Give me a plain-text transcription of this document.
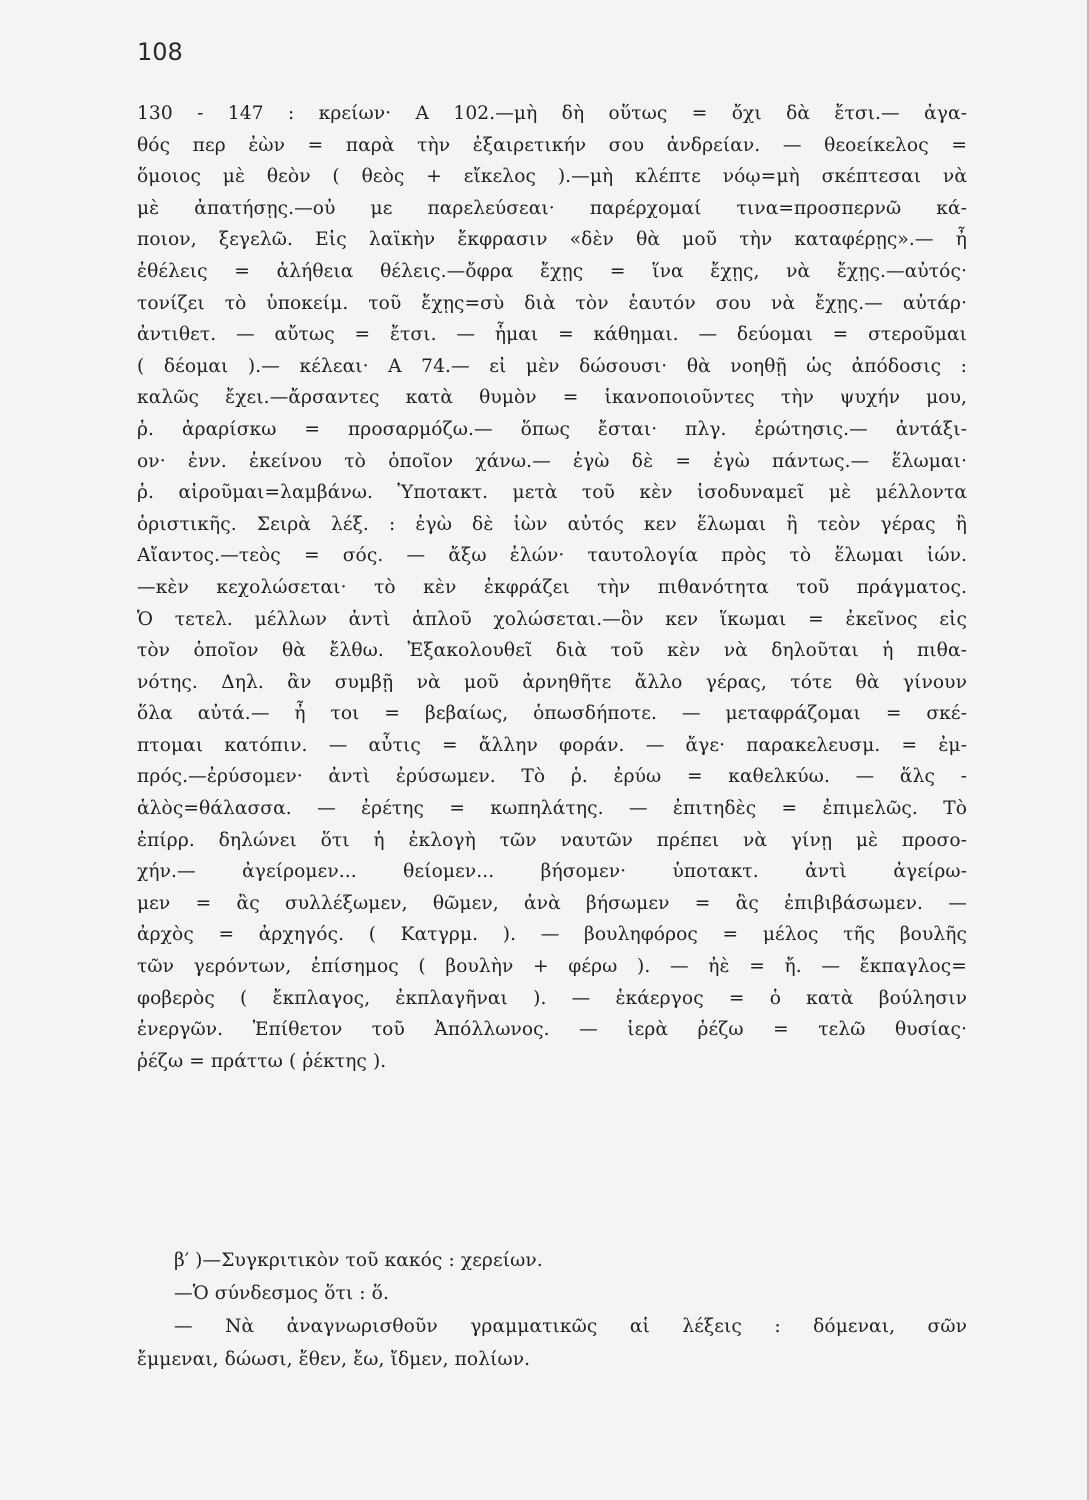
108
130 - 147 : κρείων· Α 102.—μὴ δὴ οὕτως = ὄχι δὰ ἔτσι.— ἀγα-
θός περ ἐὼν = παρὰ τὴν ἐξαιρετικήν σου ἀνδρείαν. — θεοείκελος =
ὅμοιος μὲ θεὸν ( θεὸς + εἴκελος ).—μὴ κλέπτε νόῳ=μὴ σκέπτεσαι νὰ
μὲ ἀπατήσῃς.—οὐ με παρελεύσεαι· παρέρχομαί τινα=προσπερνῶ κά-
ποιον, ξεγελῶ. Εἰς λαϊκὴν ἔκφρασιν «δὲν θὰ μοῦ τὴν καταφέρῃς».— ἦ
ἐθέλεις = ἀλήθεια θέλεις.—ὄφρα ἔχῃς = ἵνα ἔχῃς, νὰ ἔχῃς.—αὐτός·
τονίζει τὸ ὑποκείμ. τοῦ ἔχῃς=σὺ διὰ τὸν ἑαυτόν σου νὰ ἔχῃς.— αὐτάρ·
ἀντιθετ. — αὔτως = ἔτσι. — ἧμαι = κάθημαι. — δεύομαι = στεροῦμαι
( δέομαι ).— κέλεαι· Α 74.— εἰ μὲν δώσουσι· θὰ νοηθῇ ὡς ἀπόδοσις :
καλῶς ἔχει.—ἄρσαντες κατὰ θυμὸν = ἱκανοποιοῦντες τὴν ψυχήν μου,
ῥ. ἀραρίσκω = προσαρμόζω.— ὅπως ἔσται· πλγ. ἐρώτησις.— ἀντάξι-
ον· ἐνν. ἐκείνου τὸ ὁποῖον χάνω.— ἐγὼ δὲ = ἐγὼ πάντως.— ἕλωμαι·
ῥ. αἱροῦμαι=λαμβάνω. Ὑποτακτ. μετὰ τοῦ κὲν ἰσοδυναμεῖ μὲ μέλλοντα
ὁριστικῆς. Σειρὰ λέξ. : ἐγὼ δὲ ἰὼν αὐτός κεν ἕλωμαι ἢ τεὸν γέρας ἢ
Αἴαντος.—τεὸς = σός. — ἄξω ἑλών· ταυτολογία πρὸς τὸ ἕλωμαι ἰών.
—κὲν κεχολώσεται· τὸ κὲν ἐκφράζει τὴν πιθανότητα τοῦ πράγματος.
Ὁ τετελ. μέλλων ἀντὶ ἁπλοῦ χολώσεται.—ὃν κεν ἵκωμαι = ἐκεῖνος εἰς
τὸν ὁποῖον θὰ ἔλθω. Ἐξακολουθεῖ διὰ τοῦ κὲν νὰ δηλοῦται ἡ πιθα-
νότης. Δηλ. ἂν συμβῇ νὰ μοῦ ἀρνηθῆτε ἄλλο γέρας, τότε θὰ γίνουν
ὅλα αὐτά.— ἦ τοι = βεβαίως, ὁπωσδήποτε. — μεταφράζομαι = σκέ-
πτομαι κατόπιν. — αὖτις = ἄλλην φοράν. — ἄγε· παρακελευσμ. = ἐμ-
πρός.—ἐρύσομεν· ἀντὶ ἐρύσωμεν. Τὸ ῥ. ἐρύω = καθελκύω. — ἅλς -
ἁλὸς=θάλασσα. — ἐρέτης = κωπηλάτης. — ἐπιτηδὲς = ἐπιμελῶς. Τὸ
ἐπίρρ. δηλώνει ὅτι ἡ ἐκλογὴ τῶν ναυτῶν πρέπει νὰ γίνῃ μὲ προσο-
χήν.— ἀγείρομεν... θείομεν... βήσομεν· ὑποτακτ. ἀντὶ ἀγείρω-
μεν = ἂς συλλέξωμεν, θῶμεν, ἀνὰ βήσωμεν = ἂς ἐπιβιβάσωμεν. —
ἀρχὸς = ἀρχηγός. ( Κατγρμ. ). — βουληφόρος = μέλος τῆς βουλῆς
τῶν γερόντων, ἐπίσημος ( βουλὴν + φέρω ). — ἠὲ = ἤ. — ἔκπαγλος=
φοβερὸς ( ἔκπλαγος, ἐκπλαγῆναι ). — ἑκάεργος = ὁ κατὰ βούλησιν
ἐνεργῶν. Ἐπίθετον τοῦ Ἀπόλλωνος. — ἱερὰ ῥέζω = τελῶ θυσίας·
ῥέζω = πράττω ( ῥέκτης ).
β′ )—Συγκριτικὸν τοῦ κακός : χερείων.
—Ὁ σύνδεσμος ὅτι : ὅ.
— Νὰ ἀναγνωρισθοῦν γραμματικῶς αἱ λέξεις : δόμεναι, σῶν
ἔμμεναι, δώωσι, ἔθεν, ἔω, ἴδμεν, πολίων.
